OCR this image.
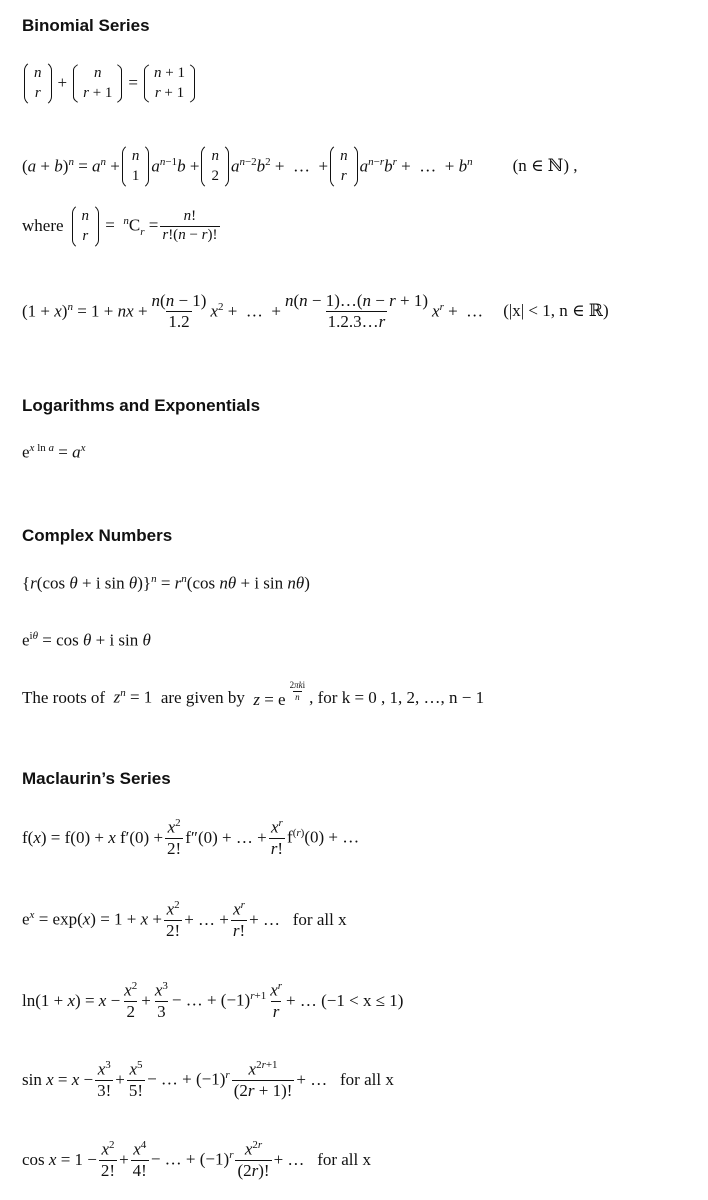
Binomial Series
n
r
+
n
r + 1
=
n + 1
r + 1
$(a + b)^n = a^n$ +
n
1
$a^{n-1}b$ +
n
2
$a^{n-2}b^2$ +  …  +
n
r
$a^{n-r}b^r$ +  …  + $b^n$ (n ∈ ℕ) ,
where
n
r
=  $^nC_r = \frac{n!}{r!(n - r)!}$
$(1 + x)^n = 1$ + nx + $\frac{n(n - 1)}{1.2} x^2$ +  …  + $\frac{n(n - 1)\dots(n - r + 1)}{1.2.3\dots r} x^r$ +  … (|x| < 1, n ∈ ℝ)
Logarithms and Exponentials
$e^{x ln a} = a^x$
Complex Numbers
{r(cos θ + i $\sin \theta)\}^n = r^n(\cos$ nθ + i sin nθ)
$e^{i\theta} = \cos \theta + i$ sin θ
The roots of $z^n = 1$ are given by z = e
$^{2\pi ki n}$ , for
k = 0 , 1, 2, …, n − 1
Maclaurin’s Series
f(x) = f(0) + x $f'(0) + \frac{x^2}{2!} f''(0)$ + … + $\frac{x^r}{r!} f^{(r)}(0)$ + …
$e^x = \exp(x) = 1 + x + \frac{x^2}{2!}$ + … + $\frac{x^r}{r!}$ + … for all x
$\ln(1 + x) = x - \frac{x^2}{2} + \frac{x^3}{3}$ − … + $(-1)^{r+1}$ $x^r$
r
+ … (−1 < x ≤ 1)
$\sin x = x - \frac{x^3}{3!} + \frac{x^5}{5!}$ − … + $(-1)^r$ $x^{2r+1}$
(2r + 1)!
+ … for all x
$\cos x = 1 - \frac{x^2}{2!} + \frac{x^4}{4!}$ − … + $(-1)^r$ $x^{2r}$
(2r)!
+ … for all x
